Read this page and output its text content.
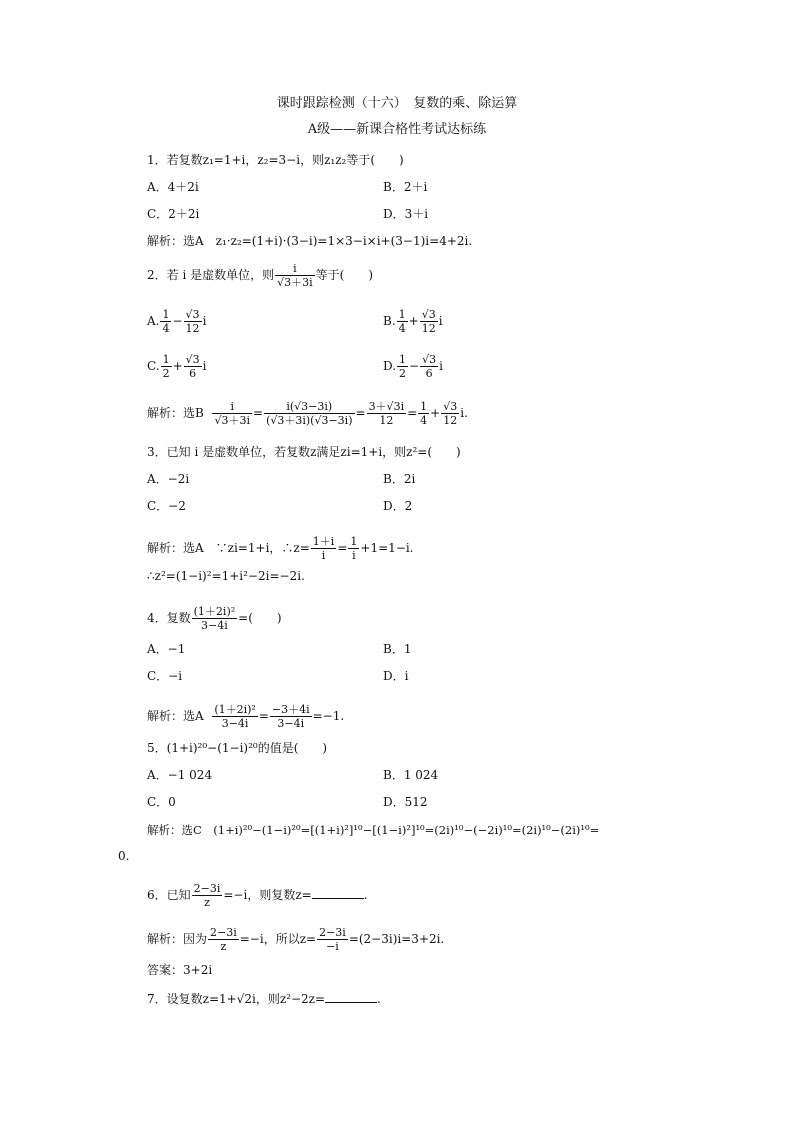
课时跟踪检测（十六）　复数的乘、除运算
A级——新课合格性考试达标练
1．若复数z₁=1+i，z₂=3−i，则z₁z₂等于(　　)
A．4＋2i	B．2＋i
C．2＋2i	D．3＋i
解析：选A　z₁·z₂=(1+i)·(3−i)=1×3−i×i+(3−1)i=4+2i.
2．若 i 是虚数单位，则 $\frac{i}{√3+3i}$ 等于(　　)
A. $\frac{1}{4} - \frac{√3}{12}$ i	B. $\frac{1}{4} + \frac{√3}{12}$ i
C. $\frac{1}{2} + \frac{√3}{6}$ i	D. $\frac{1}{2} - \frac{√3}{6}$ i
解析：选B $\frac{i}{√3+3i} = \frac{i(√3-3i)}{(√3+3i)(√3-3i)} = \frac{3+√3i}{12} = \frac{1}{4} + \frac{√3}{12} i$.
3．已知 i 是虚数单位，若复数z满足zi=1+i，则z²=(　　)
A．−2i	B．2i
C．−2	D．2
解析：选A　∵zi=1+i，∴z= $\frac{1+i}{i} = \frac{1}{i} +1=1-i$.
∴z²=(1−i)²=1+i²−2i=−2i.
4．复数 $\frac{\text{(1＋2i)²}}{3-4i}$ =(　　)
A．−1	B．1
C．−i	D．i
解析：选A $\frac{\text{(1＋2i)²}}{3-4i} = \frac{-3+4i}{3-4i} =-1$.
5．(1+i)²⁰−(1−i)²⁰的值是(　　)
A．−1 024	B．1 024
C．0	D．512
解析：选C　(1+i)²⁰−(1−i)²⁰=[(1+i)²]¹⁰−[(1−i)²]¹⁰=(2i)¹⁰−(−2i)¹⁰=(2i)¹⁰−(2i)¹⁰=
0.
6．已知 $\frac{2-3i}{z} =-i$，则复数z=	.
解析：因为 $\frac{2-3i}{z} =-i$，所以$z= \frac{2-3i}{-i} =(2-3i)i=3+2i$.
答案：3+2i
7．设复数z=1+√2i，则z²−2z=	.
